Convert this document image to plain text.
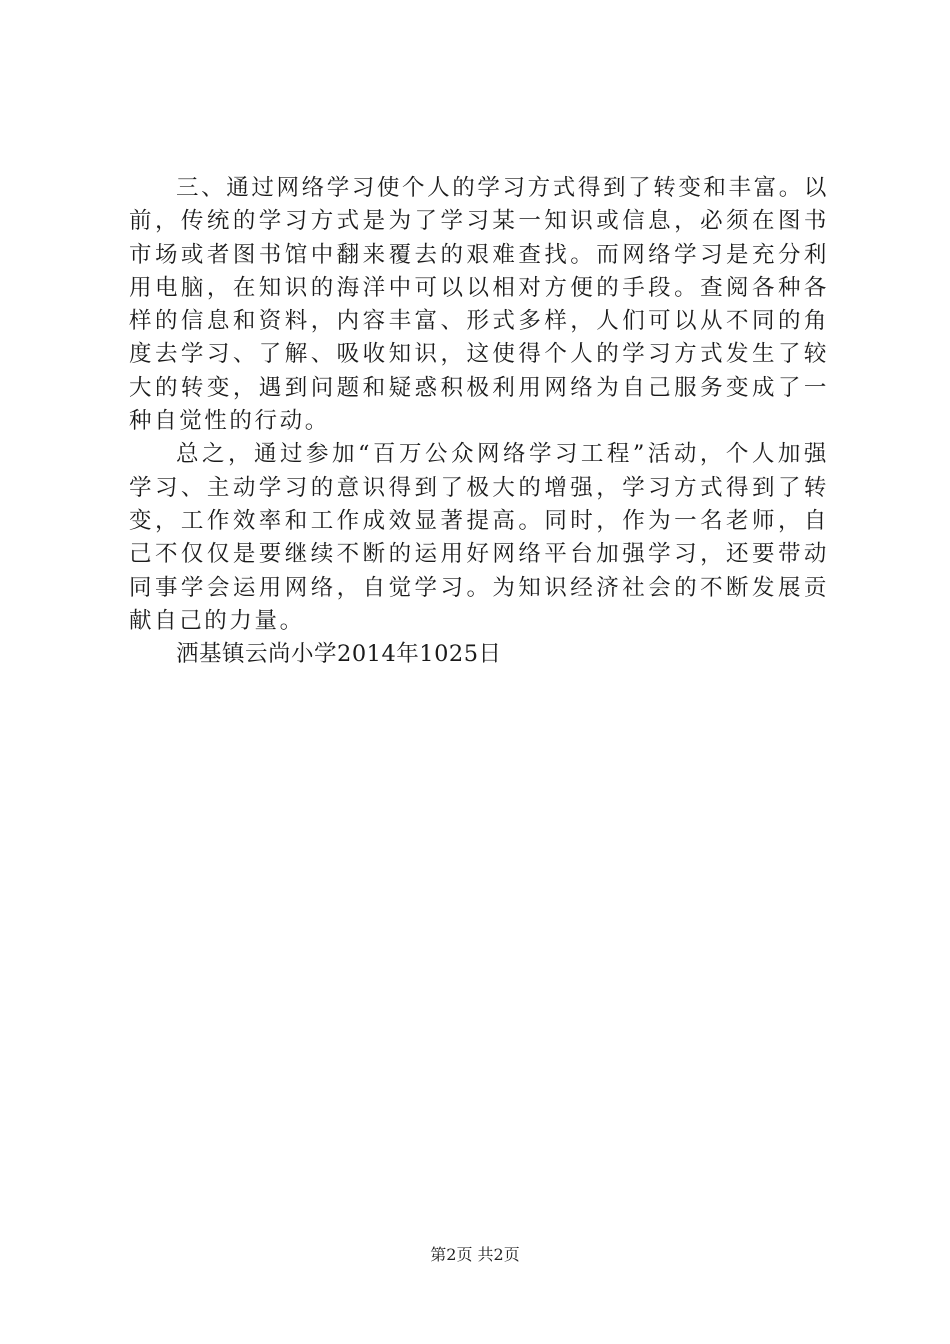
三、通过网络学习使个人的学习方式得到了转变和丰富。以前，传统的学习方式是为了学习某一知识或信息，必须在图书市场或者图书馆中翻来覆去的艰难查找。而网络学习是充分利用电脑，在知识的海洋中可以以相对方便的手段。查阅各种各样的信息和资料，内容丰富、形式多样，人们可以从不同的角度去学习、了解、吸收知识，这使得个人的学习方式发生了较大的转变，遇到问题和疑惑积极利用网络为自己服务变成了一种自觉性的行动。

总之，通过参加“百万公众网络学习工程”活动，个人加强学习、主动学习的意识得到了极大的增强，学习方式得到了转变，工作效率和工作成效显著提高。同时，作为一名老师，自己不仅仅是要继续不断的运用好网络平台加强学习，还要带动同事学会运用网络，自觉学习。为知识经济社会的不断发展贡献自己的力量。

洒基镇云尚小学2014年1025日

第2页 共2页
